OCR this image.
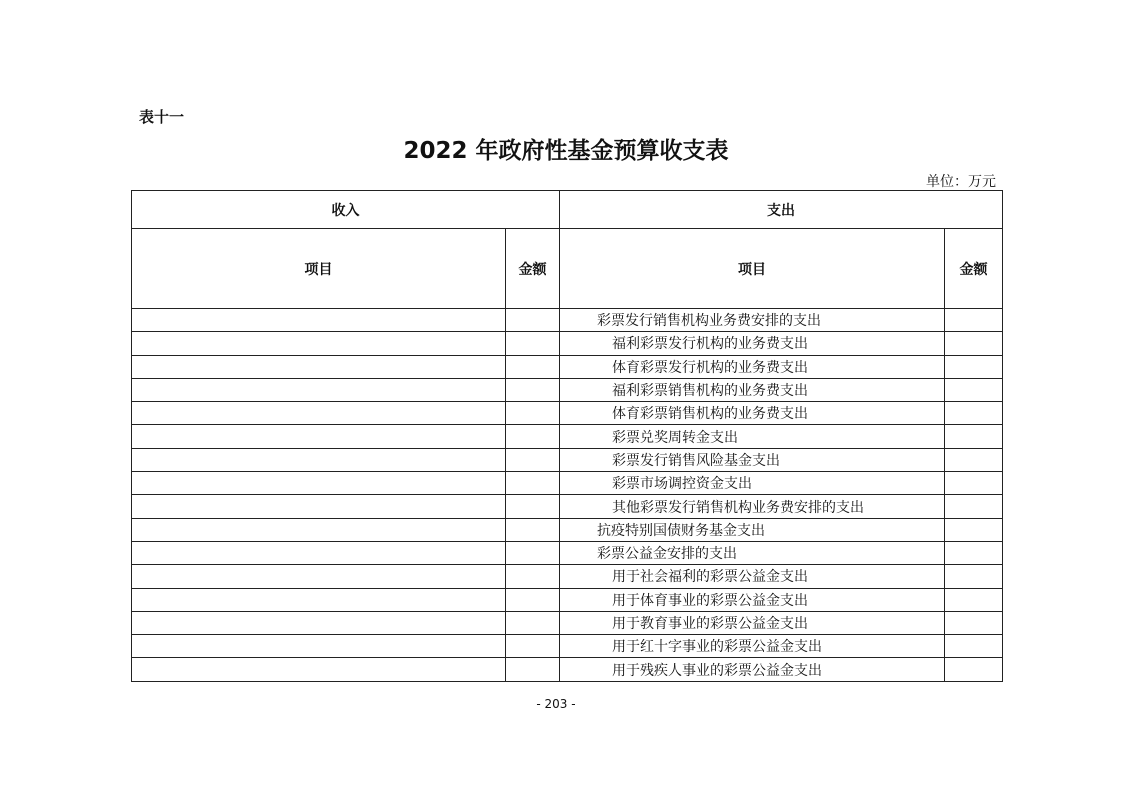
表十一
2022 年政府性基金预算收支表
单位：万元
收入		支出	
项目	金额	项目	金额
		彩票发行销售机构业务费安排的支出	
		福利彩票发行机构的业务费支出	
		体育彩票发行机构的业务费支出	
		福利彩票销售机构的业务费支出	
		体育彩票销售机构的业务费支出	
		彩票兑奖周转金支出	
		彩票发行销售风险基金支出	
		彩票市场调控资金支出	
		其他彩票发行销售机构业务费安排的支出	
		抗疫特别国债财务基金支出	
		彩票公益金安排的支出	
		用于社会福利的彩票公益金支出	
		用于体育事业的彩票公益金支出	
		用于教育事业的彩票公益金支出	
		用于红十字事业的彩票公益金支出	
		用于残疾人事业的彩票公益金支出	
- 203 -
